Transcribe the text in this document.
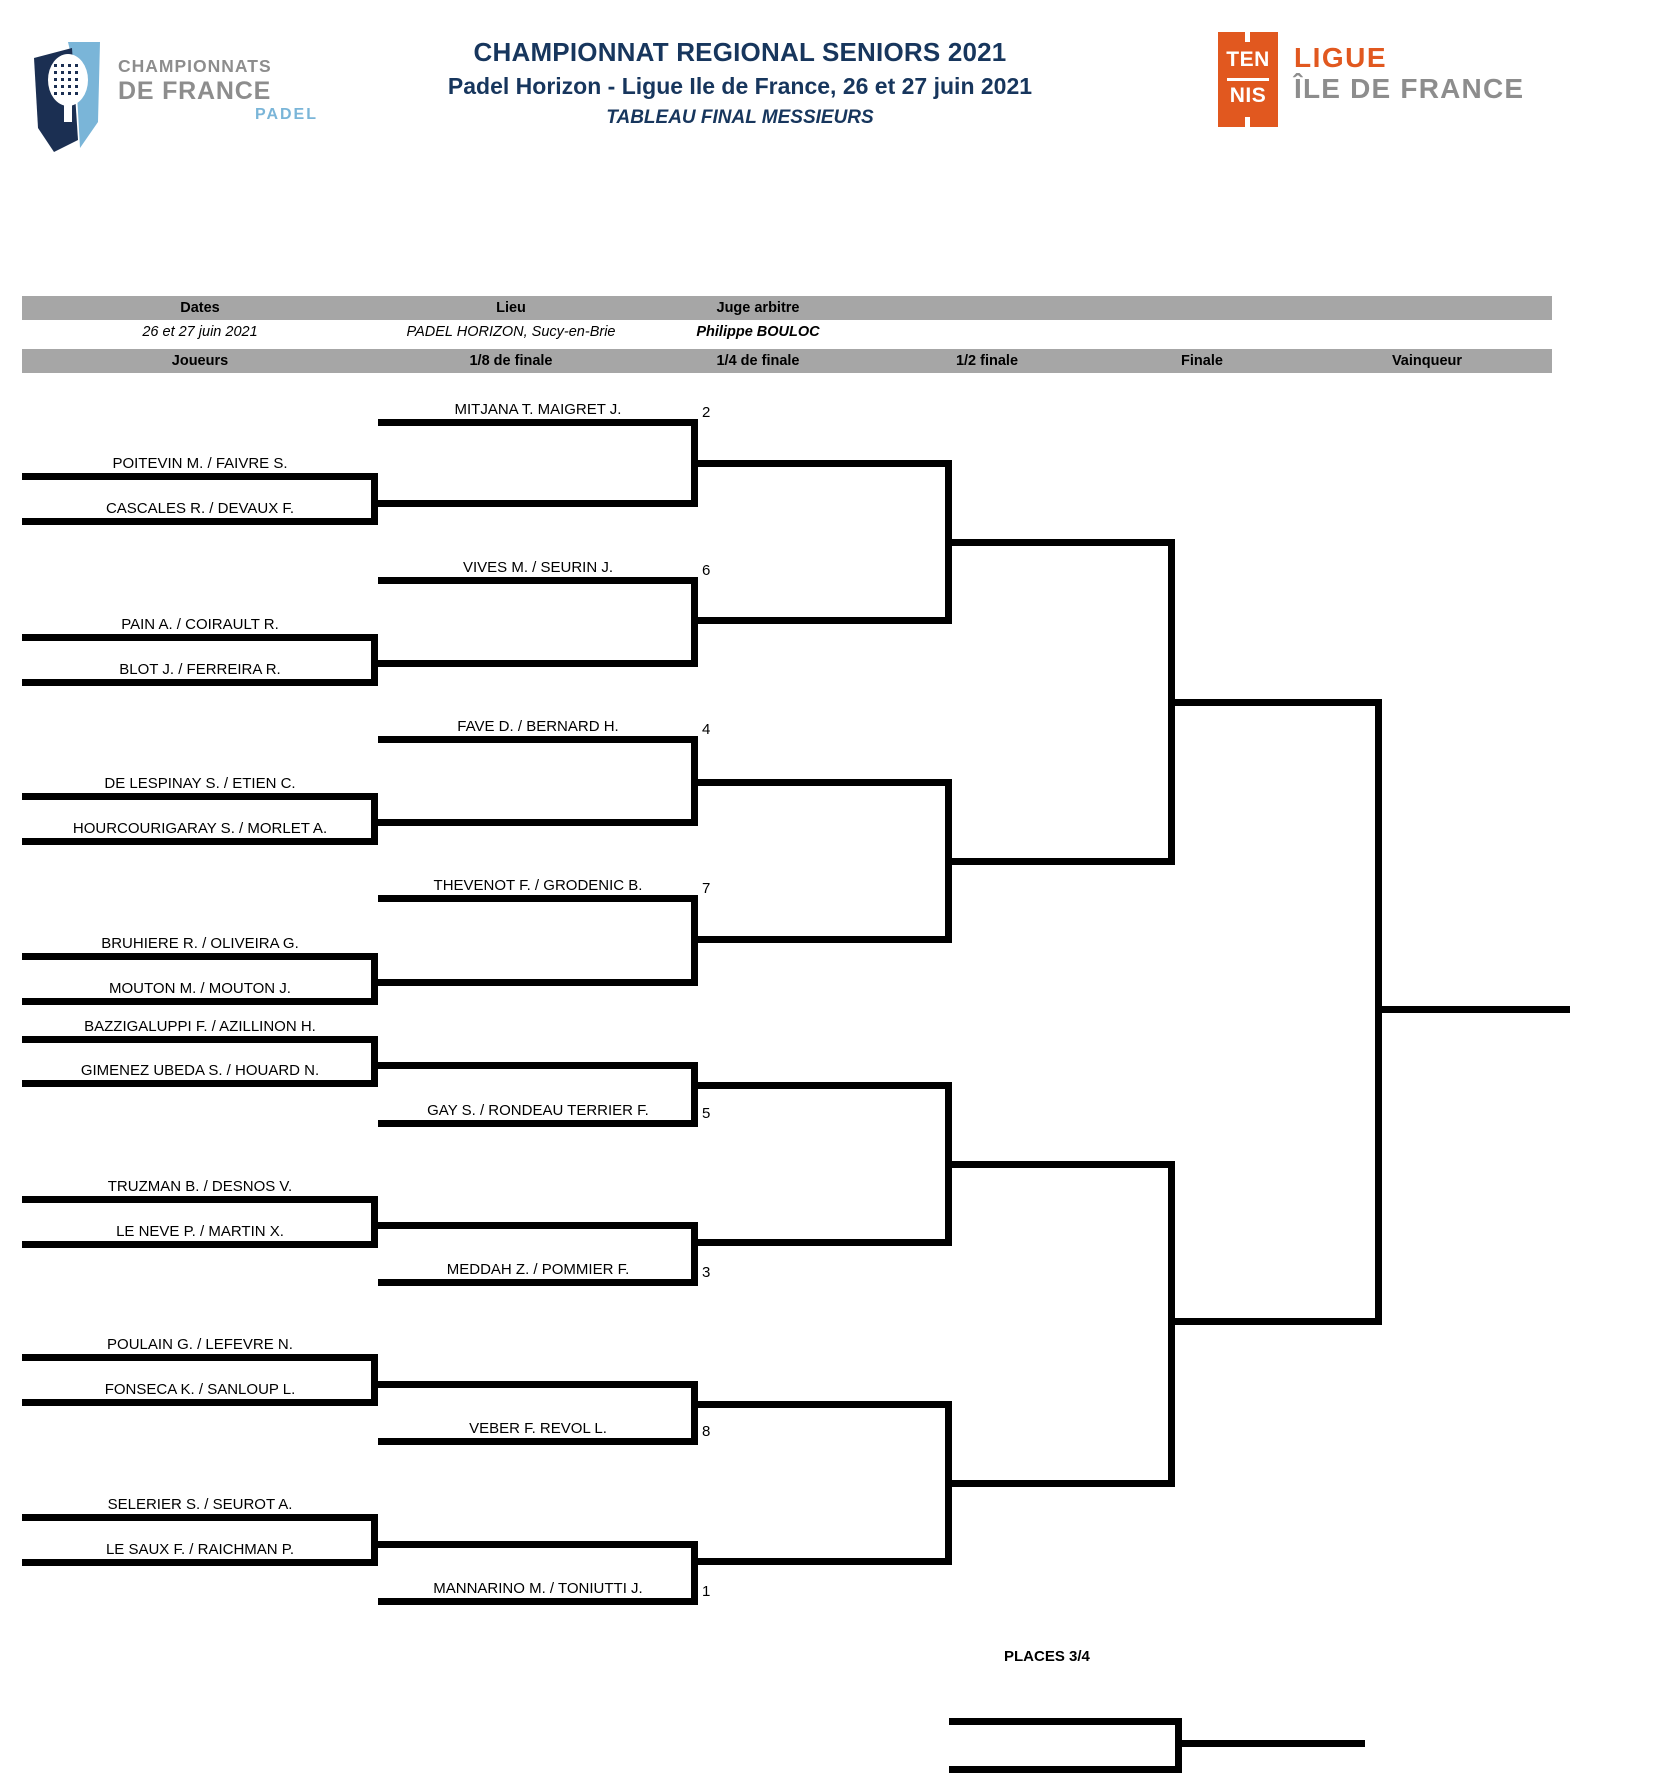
CHAMPIONNATS
DE FRANCE
PADEL
CHAMPIONNAT REGIONAL SENIORS 2021
Padel Horizon - Ligue Ile de France, 26 et 27 juin 2021
TABLEAU FINAL MESSIEURS
TEN
NIS
LIGUE
ÎLE DE FRANCE
Dates	Lieu	Juge arbitre
26 et 27 juin 2021	PADEL HORIZON, Sucy-en-Brie	Philippe BOULOC
Joueurs	1/8 de finale	1/4 de finale	1/2 finale	Finale	Vainqueur
POITEVIN M. / FAIVRE S.
CASCALES R. / DEVAUX F.
PAIN A. / COIRAULT R.
BLOT J. / FERREIRA R.
DE LESPINAY S. / ETIEN C.
HOURCOURIGARAY S. / MORLET A.
BRUHIERE R. / OLIVEIRA G.
MOUTON M. / MOUTON J.
BAZZIGALUPPI F. / AZILLINON H.
GIMENEZ UBEDA S. / HOUARD N.
TRUZMAN B. / DESNOS V.
LE NEVE P. / MARTIN X.
POULAIN G. / LEFEVRE N.
FONSECA K. / SANLOUP L.
SELERIER S. / SEUROT A.
LE SAUX F. / RAICHMAN P.
MITJANA T. MAIGRET J.	2
VIVES M. / SEURIN J.	6
FAVE D. / BERNARD H.	4
THEVENOT F. / GRODENIC B.	7
GAY S. / RONDEAU TERRIER F.	5
MEDDAH Z. / POMMIER F.	3
VEBER F. REVOL L.	8
MANNARINO M. / TONIUTTI J.	1
PLACES 3/4
